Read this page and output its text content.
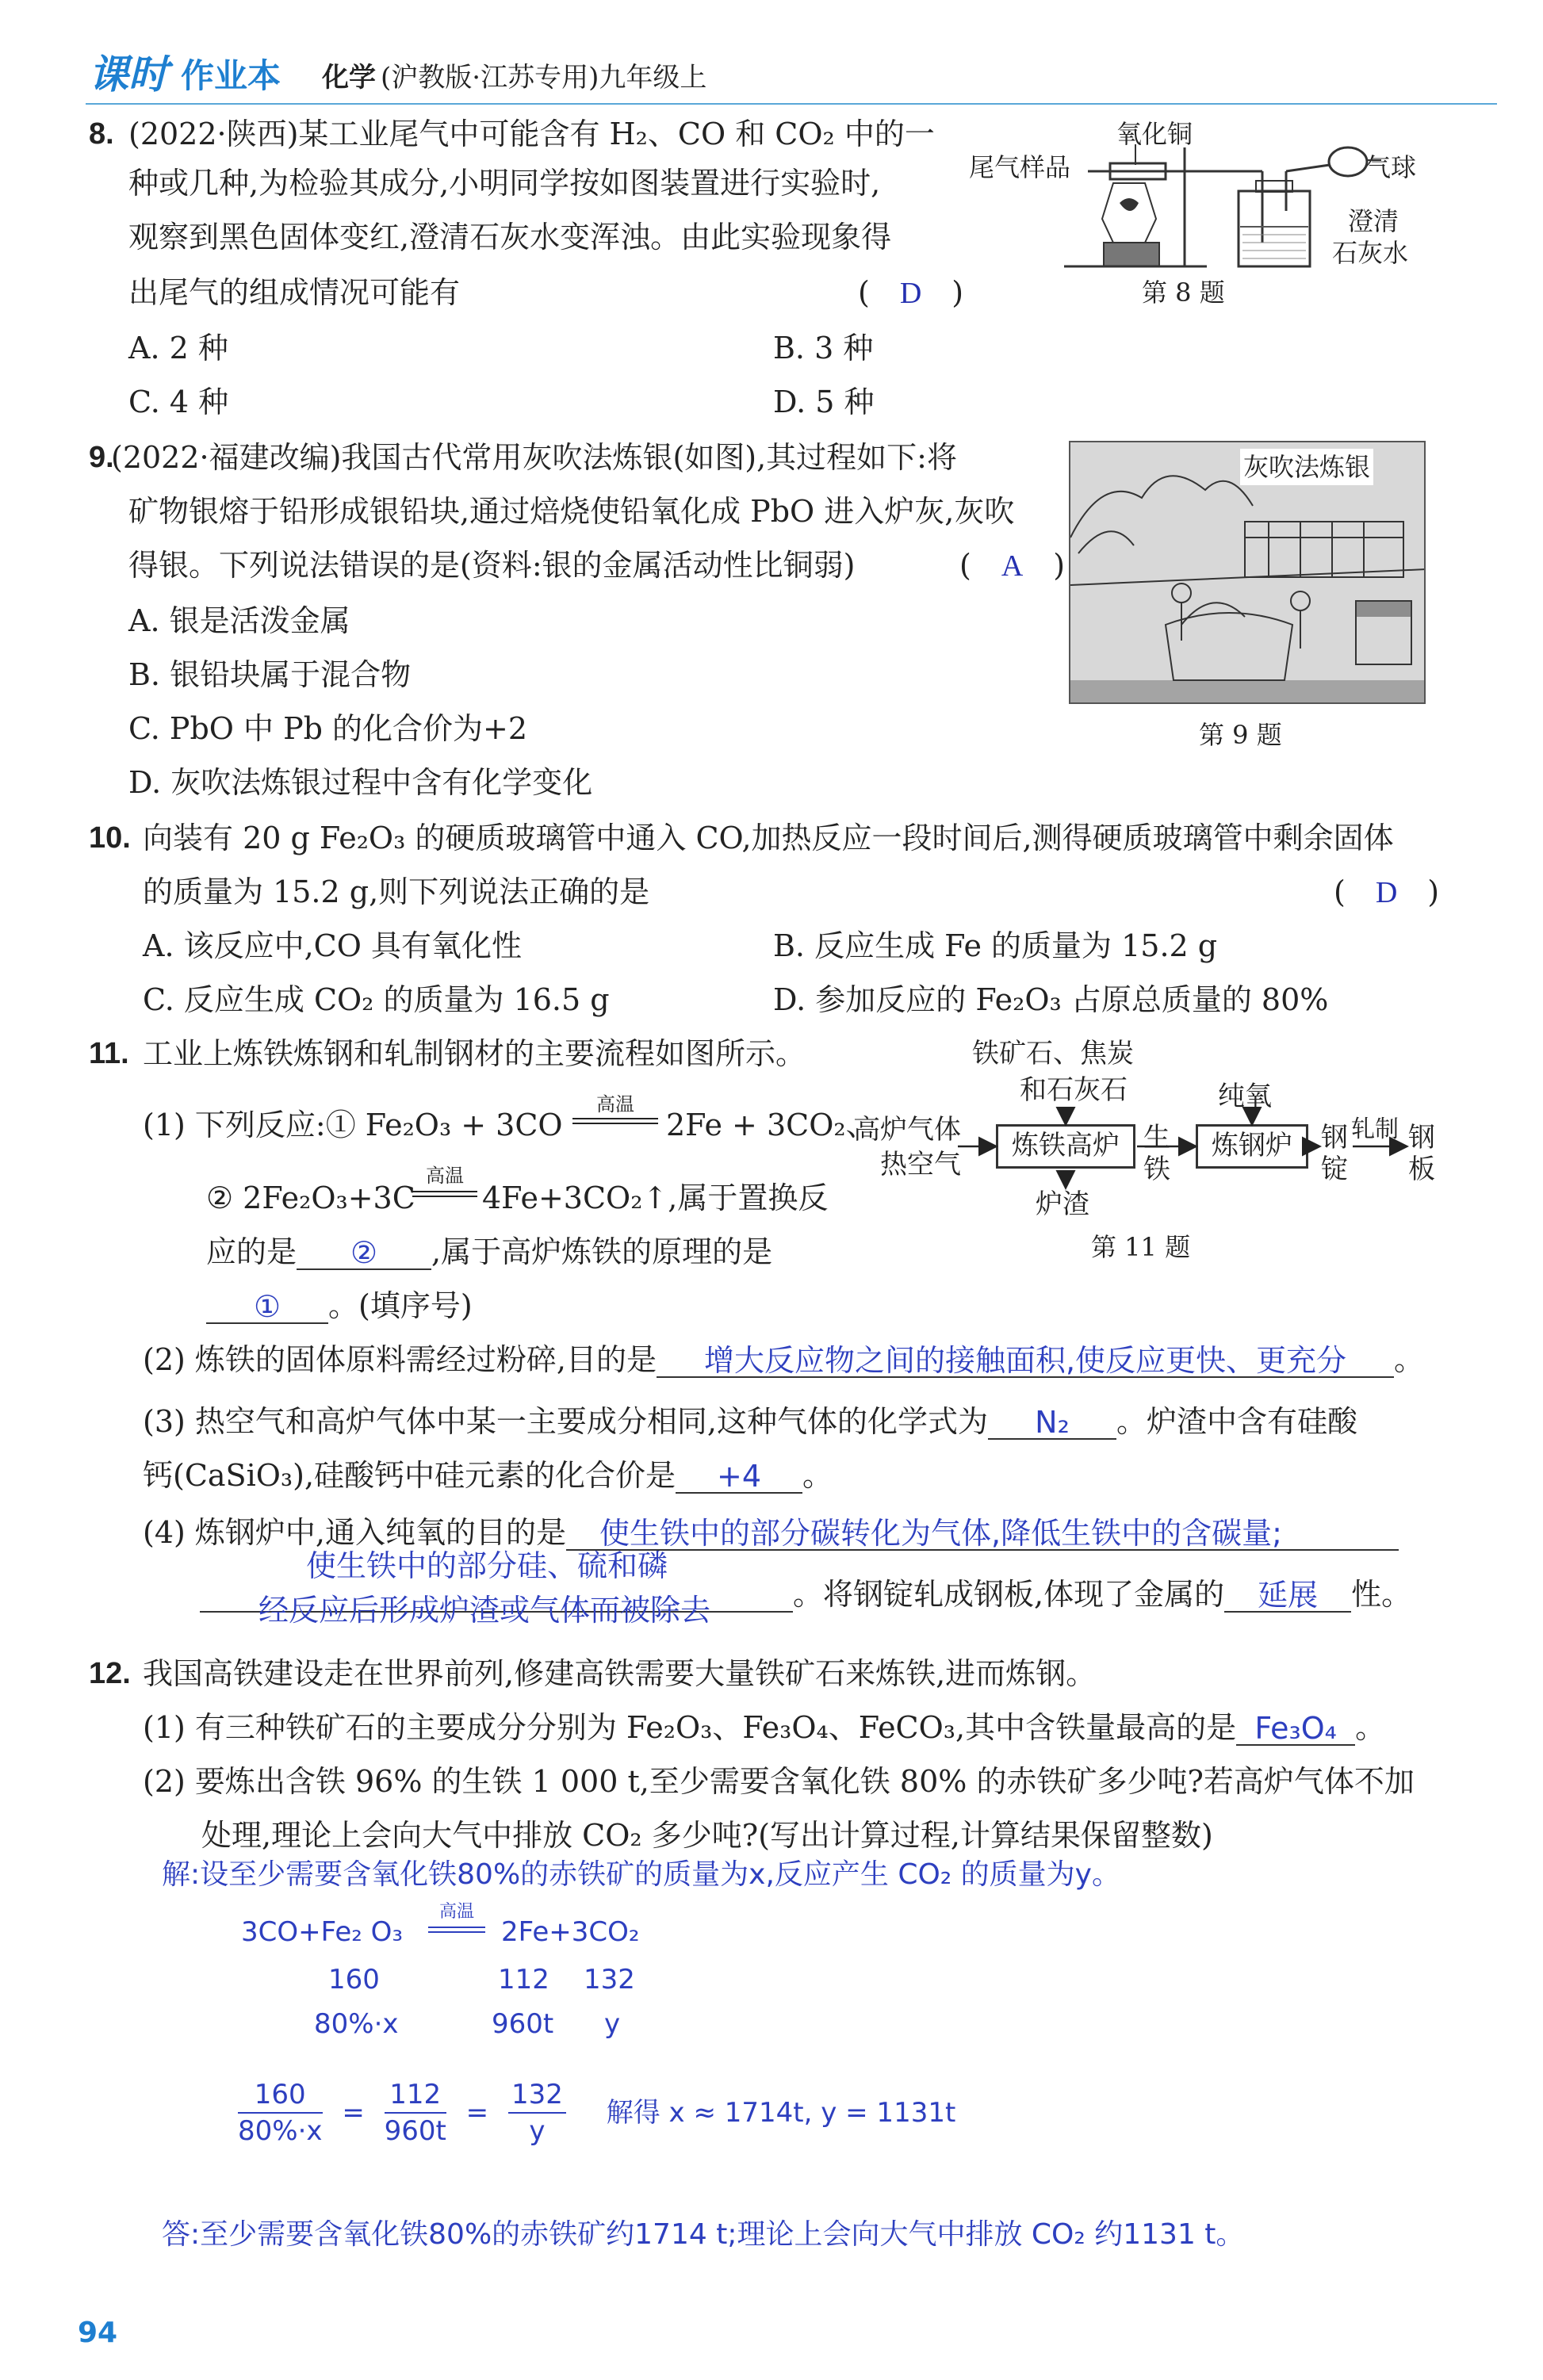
课时 作业本 化学 (沪教版·江苏专用)九年级上
8. (2022·陕西)某工业尾气中可能含有 H₂、CO 和 CO₂ 中的一
种或几种,为检验其成分,小明同学按如图装置进行实验时,
观察到黑色固体变红,澄清石灰水变浑浊。由此实验现象得
出尾气的组成情况可能有	(　D　)
A. 2 种	B. 3 种
C. 4 种	D. 5 种
尾气样品
氧化铜
气球
澄清
石灰水
第 8 题
9.
(2022·福建改编)我国古代常用灰吹法炼银(如图),其过程如下:将
矿物银熔于铅形成银铅块,通过焙烧使铅氧化成 PbO 进入炉灰,灰吹
得银。下列说法错误的是(资料:银的金属活动性比铜弱)	(　A　)
A. 银是活泼金属
B. 银铅块属于混合物
C. PbO 中 Pb 的化合价为+2
D. 灰吹法炼银过程中含有化学变化
灰吹法炼银
第 9 题
10. 向装有 20 g Fe₂O₃ 的硬质玻璃管中通入 CO,加热反应一段时间后,测得硬质玻璃管中剩余固体
的质量为 15.2 g,则下列说法正确的是	(　D　)
A. 该反应中,CO 具有氧化性	B. 反应生成 Fe 的质量为 15.2 g
C. 反应生成 CO₂ 的质量为 16.5 g	D. 参加反应的 Fe₂O₃ 占原总质量的 80%
11. 工业上炼铁炼钢和轧制钢材的主要流程如图所示。
(1) 下列反应:① Fe₂O₃ + 3CO
高温
2Fe + 3CO₂、
② 2Fe₂O₃+3C
高温
4Fe+3CO₂↑,属于置换反
应的是 ② ,属于高炉炼铁的原理的是
① 。(填序号)
铁矿石、焦炭
和石灰石
高炉气体
热空气
炼铁高炉 生
铁
炉渣
纯氧
炼钢炉	钢
锭
轧制 钢
板
第 11 题
(2) 炼铁的固体原料需经过粉碎,目的是 增大反应物之间的接触面积,使反应更快、更充分 。
(3) 热空气和高炉气体中某一主要成分相同,这种气体的化学式为 N₂ 。炉渣中含有硅酸
钙(CaSiO₃),硅酸钙中硅元素的化合价是 +4 。
(4) 炼钢炉中,通入纯氧的目的是 使生铁中的部分碳转化为气体,降低生铁中的含碳量;
使生铁中的部分硅、硫和磷
。将钢锭轧成钢板,体现了金属的 延展 性。
经反应后形成炉渣或气体而被除去
12. 我国高铁建设走在世界前列,修建高铁需要大量铁矿石来炼铁,进而炼钢。
(1) 有三种铁矿石的主要成分分别为 Fe₂O₃、Fe₃O₄、FeCO₃,其中含铁量最高的是 Fe₃O₄ 。
(2) 要炼出含铁 96% 的生铁 1 000 t,至少需要含氧化铁 80% 的赤铁矿多少吨?若高炉气体不加
处理,理论上会向大气中排放 CO₂ 多少吨?(写出计算过程,计算结果保留整数)
解:设至少需要含氧化铁80%的赤铁矿的质量为x,反应产生 CO₂ 的质量为y。
3CO+Fe₂ O₃
高温
2Fe+3CO₂
160	112 132
80%·x	960t y
$\frac{160}{80\%\cdot x} = \frac{112}{960t} = \frac{132}{y}$ 解得 x ≈ 1714t, y = 1131t
答:至少需要含氧化铁80%的赤铁矿约1714 t;理论上会向大气中排放 CO₂ 约1131 t。
94
